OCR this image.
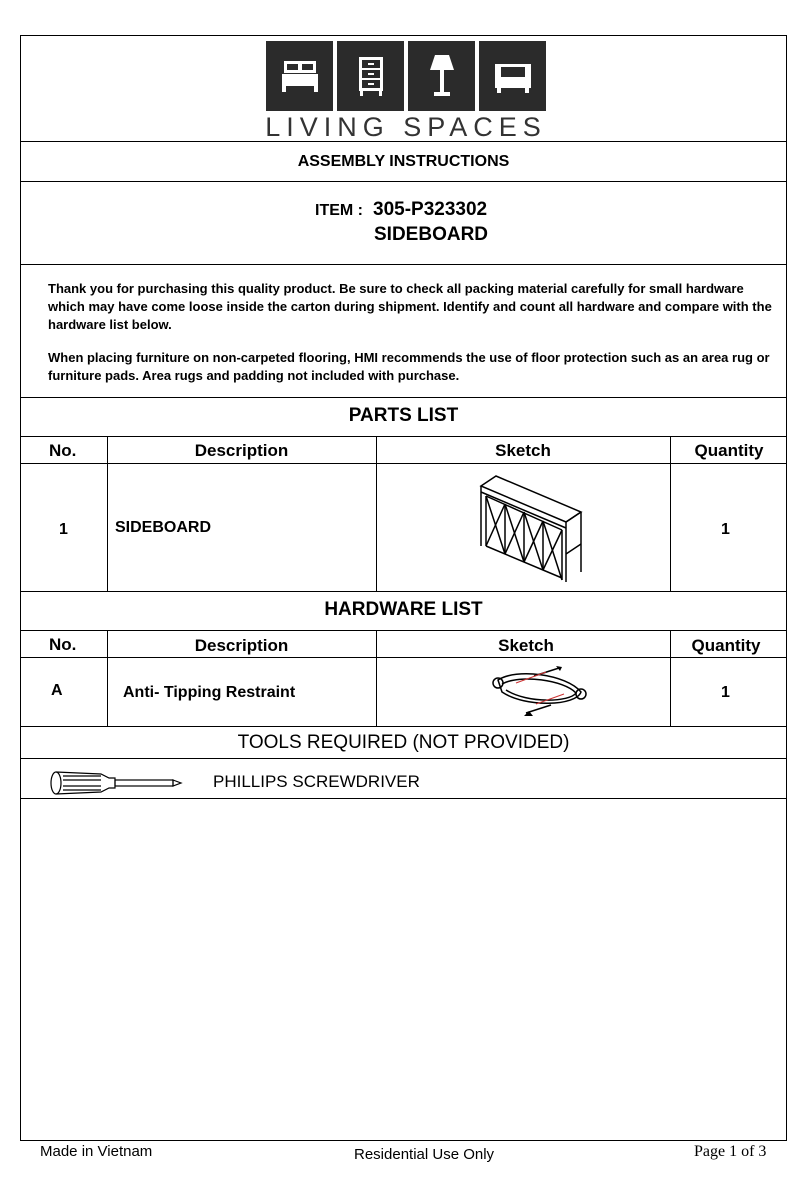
LIVING SPACES
ASSEMBLY INSTRUCTIONS
ITEM : 305-P323302
SIDEBOARD
Thank you for purchasing this quality product. Be sure to check all packing material carefully for small hardware which may have come loose inside the carton during shipment. Identify and count all hardware and compare with the hardware list below.
When placing furniture on non-carpeted flooring, HMI recommends the use of floor protection such as an area rug or furniture pads. Area rugs and padding not included with purchase.
PARTS LIST
No.	Description	Sketch	Quantity
1	SIDEBOARD	1
HARDWARE LIST
No.	Description	Sketch	Quantity
A	Anti- Tipping Restraint	1
TOOLS REQUIRED (NOT PROVIDED)
PHILLIPS SCREWDRIVER
Made in Vietnam	Residential Use Only	Page 1 of 3
